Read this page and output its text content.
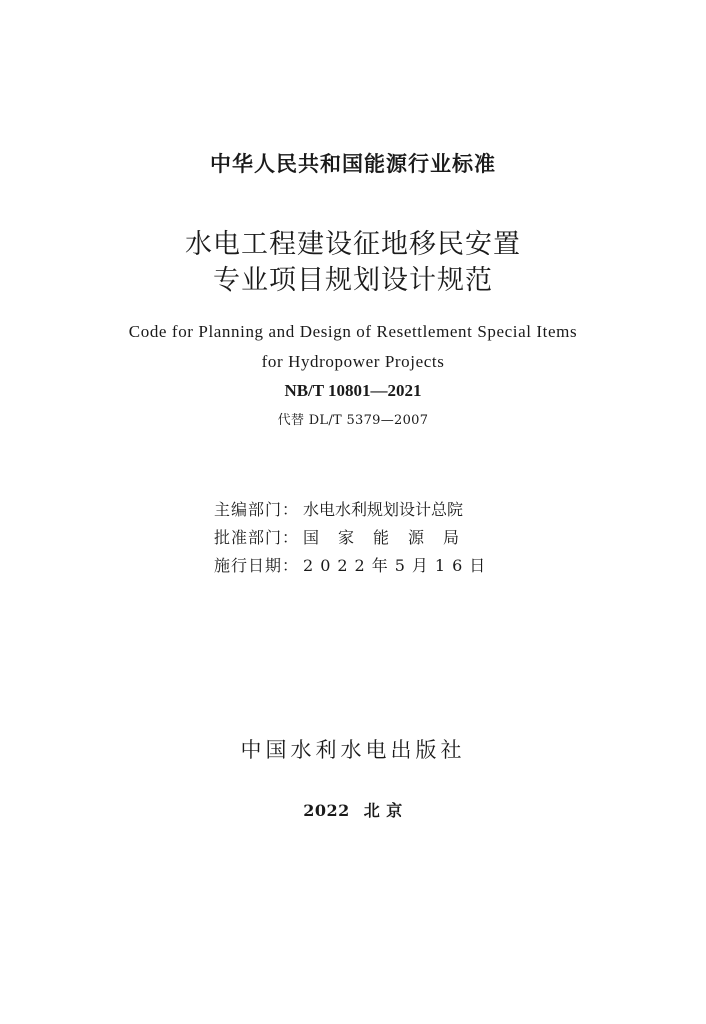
中华人民共和国能源行业标准
水电工程建设征地移民安置
专业项目规划设计规范
Code for Planning and Design of Resettlement Special Items
for Hydropower Projects
NB/T 10801—2021
代替 DL/T 5379—2007
主编部门： 水电水利规划设计总院
批准部门： 国家能源局
施行日期： 2022年5月16日
中国水利水电出版社
2022 北 京
